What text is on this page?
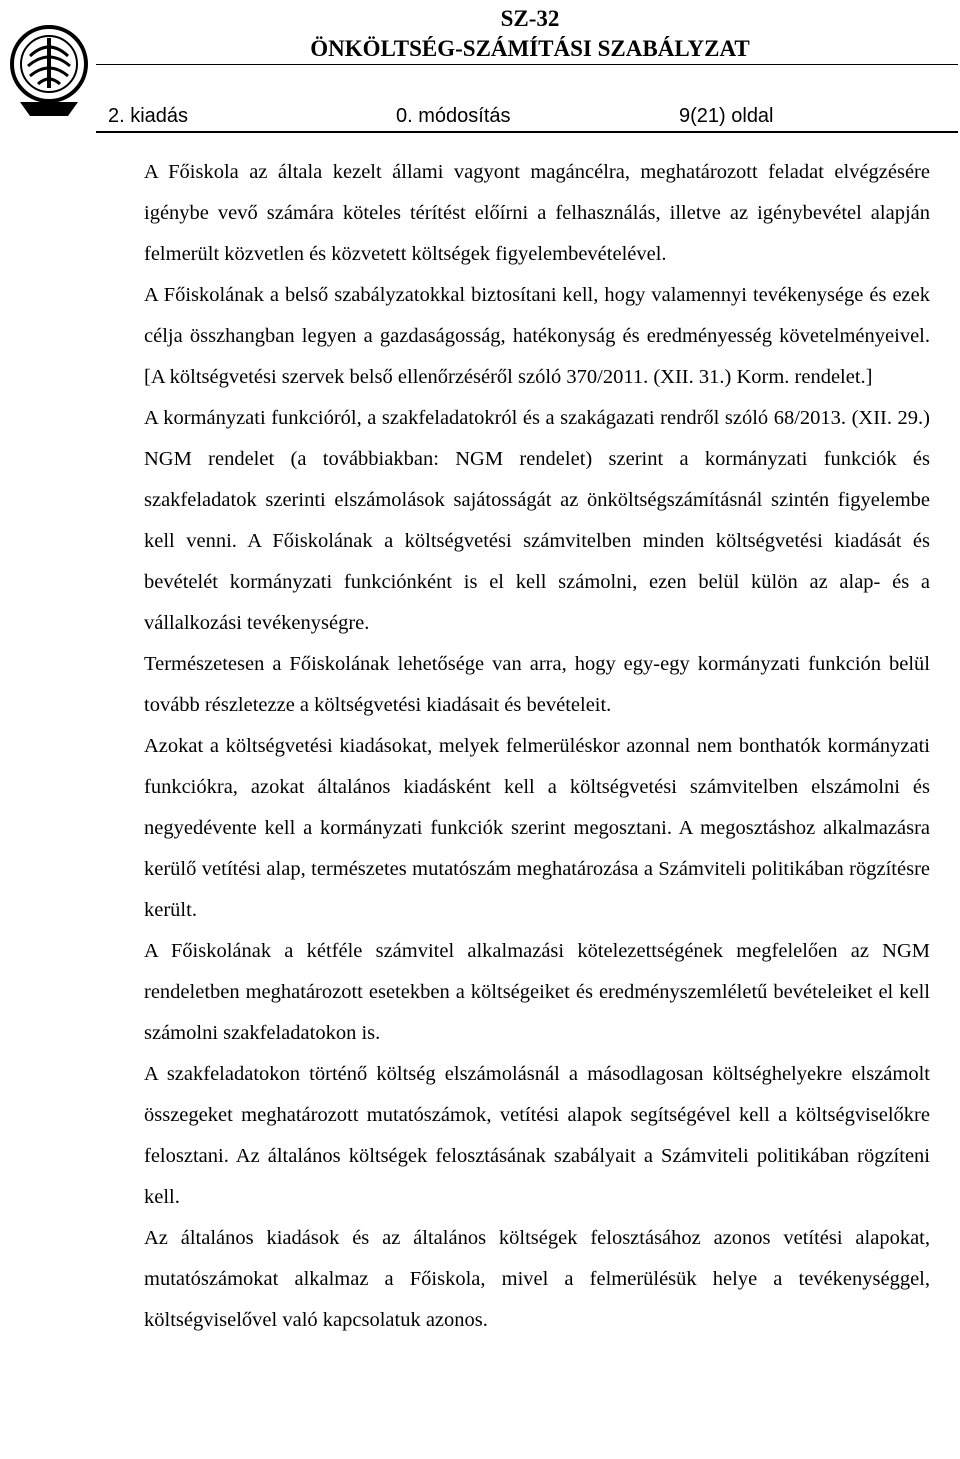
SZ-32
ÖNKÖLTSÉG-SZÁMÍTÁSI SZABÁLYZAT
2. kiadás	0. módosítás	9(21) oldal

A Főiskola az általa kezelt állami vagyont magáncélra, meghatározott feladat elvégzésére igénybe vevő számára köteles térítést előírni a felhasználás, illetve az igénybevétel alapján felmerült közvetlen és közvetett költségek figyelembevételével.

A Főiskolának a belső szabályzatokkal biztosítani kell, hogy valamennyi tevékenysége és ezek célja összhangban legyen a gazdaságosság, hatékonyság és eredményesség követelményeivel. [A költségvetési szervek belső ellenőrzéséről szóló 370/2011. (XII. 31.) Korm. rendelet.]

A kormányzati funkcióról, a szakfeladatokról és a szakágazati rendről szóló 68/2013. (XII. 29.) NGM rendelet (a továbbiakban: NGM rendelet) szerint a kormányzati funkciók és szakfeladatok szerinti elszámolások sajátosságát az önköltségszámításnál szintén figyelembe kell venni. A Főiskolának a költségvetési számvitelben minden költségvetési kiadását és bevételét kormányzati funkciónként is el kell számolni, ezen belül külön az alap- és a vállalkozási tevékenységre.

Természetesen a Főiskolának lehetősége van arra, hogy egy-egy kormányzati funkción belül tovább részletezze a költségvetési kiadásait és bevételeit.

Azokat a költségvetési kiadásokat, melyek felmerüléskor azonnal nem bonthatók kormányzati funkciókra, azokat általános kiadásként kell a költségvetési számvitelben elszámolni és negyedévente kell a kormányzati funkciók szerint megosztani. A megosztáshoz alkalmazásra kerülő vetítési alap, természetes mutatószám meghatározása a Számviteli politikában rögzítésre került.

A Főiskolának a kétféle számvitel alkalmazási kötelezettségének megfelelően az NGM rendeletben meghatározott esetekben a költségeiket és eredményszemléletű bevételeiket el kell számolni szakfeladatokon is.

A szakfeladatokon történő költség elszámolásnál a másodlagosan költséghelyekre elszámolt összegeket meghatározott mutatószámok, vetítési alapok segítségével kell a költségviselőkre felosztani. Az általános költségek felosztásának szabályait a Számviteli politikában rögzíteni kell.

Az általános kiadások és az általános költségek felosztásához azonos vetítési alapokat, mutatószámokat alkalmaz a Főiskola, mivel a felmerülésük helye a tevékenységgel, költségviselővel való kapcsolatuk azonos.
